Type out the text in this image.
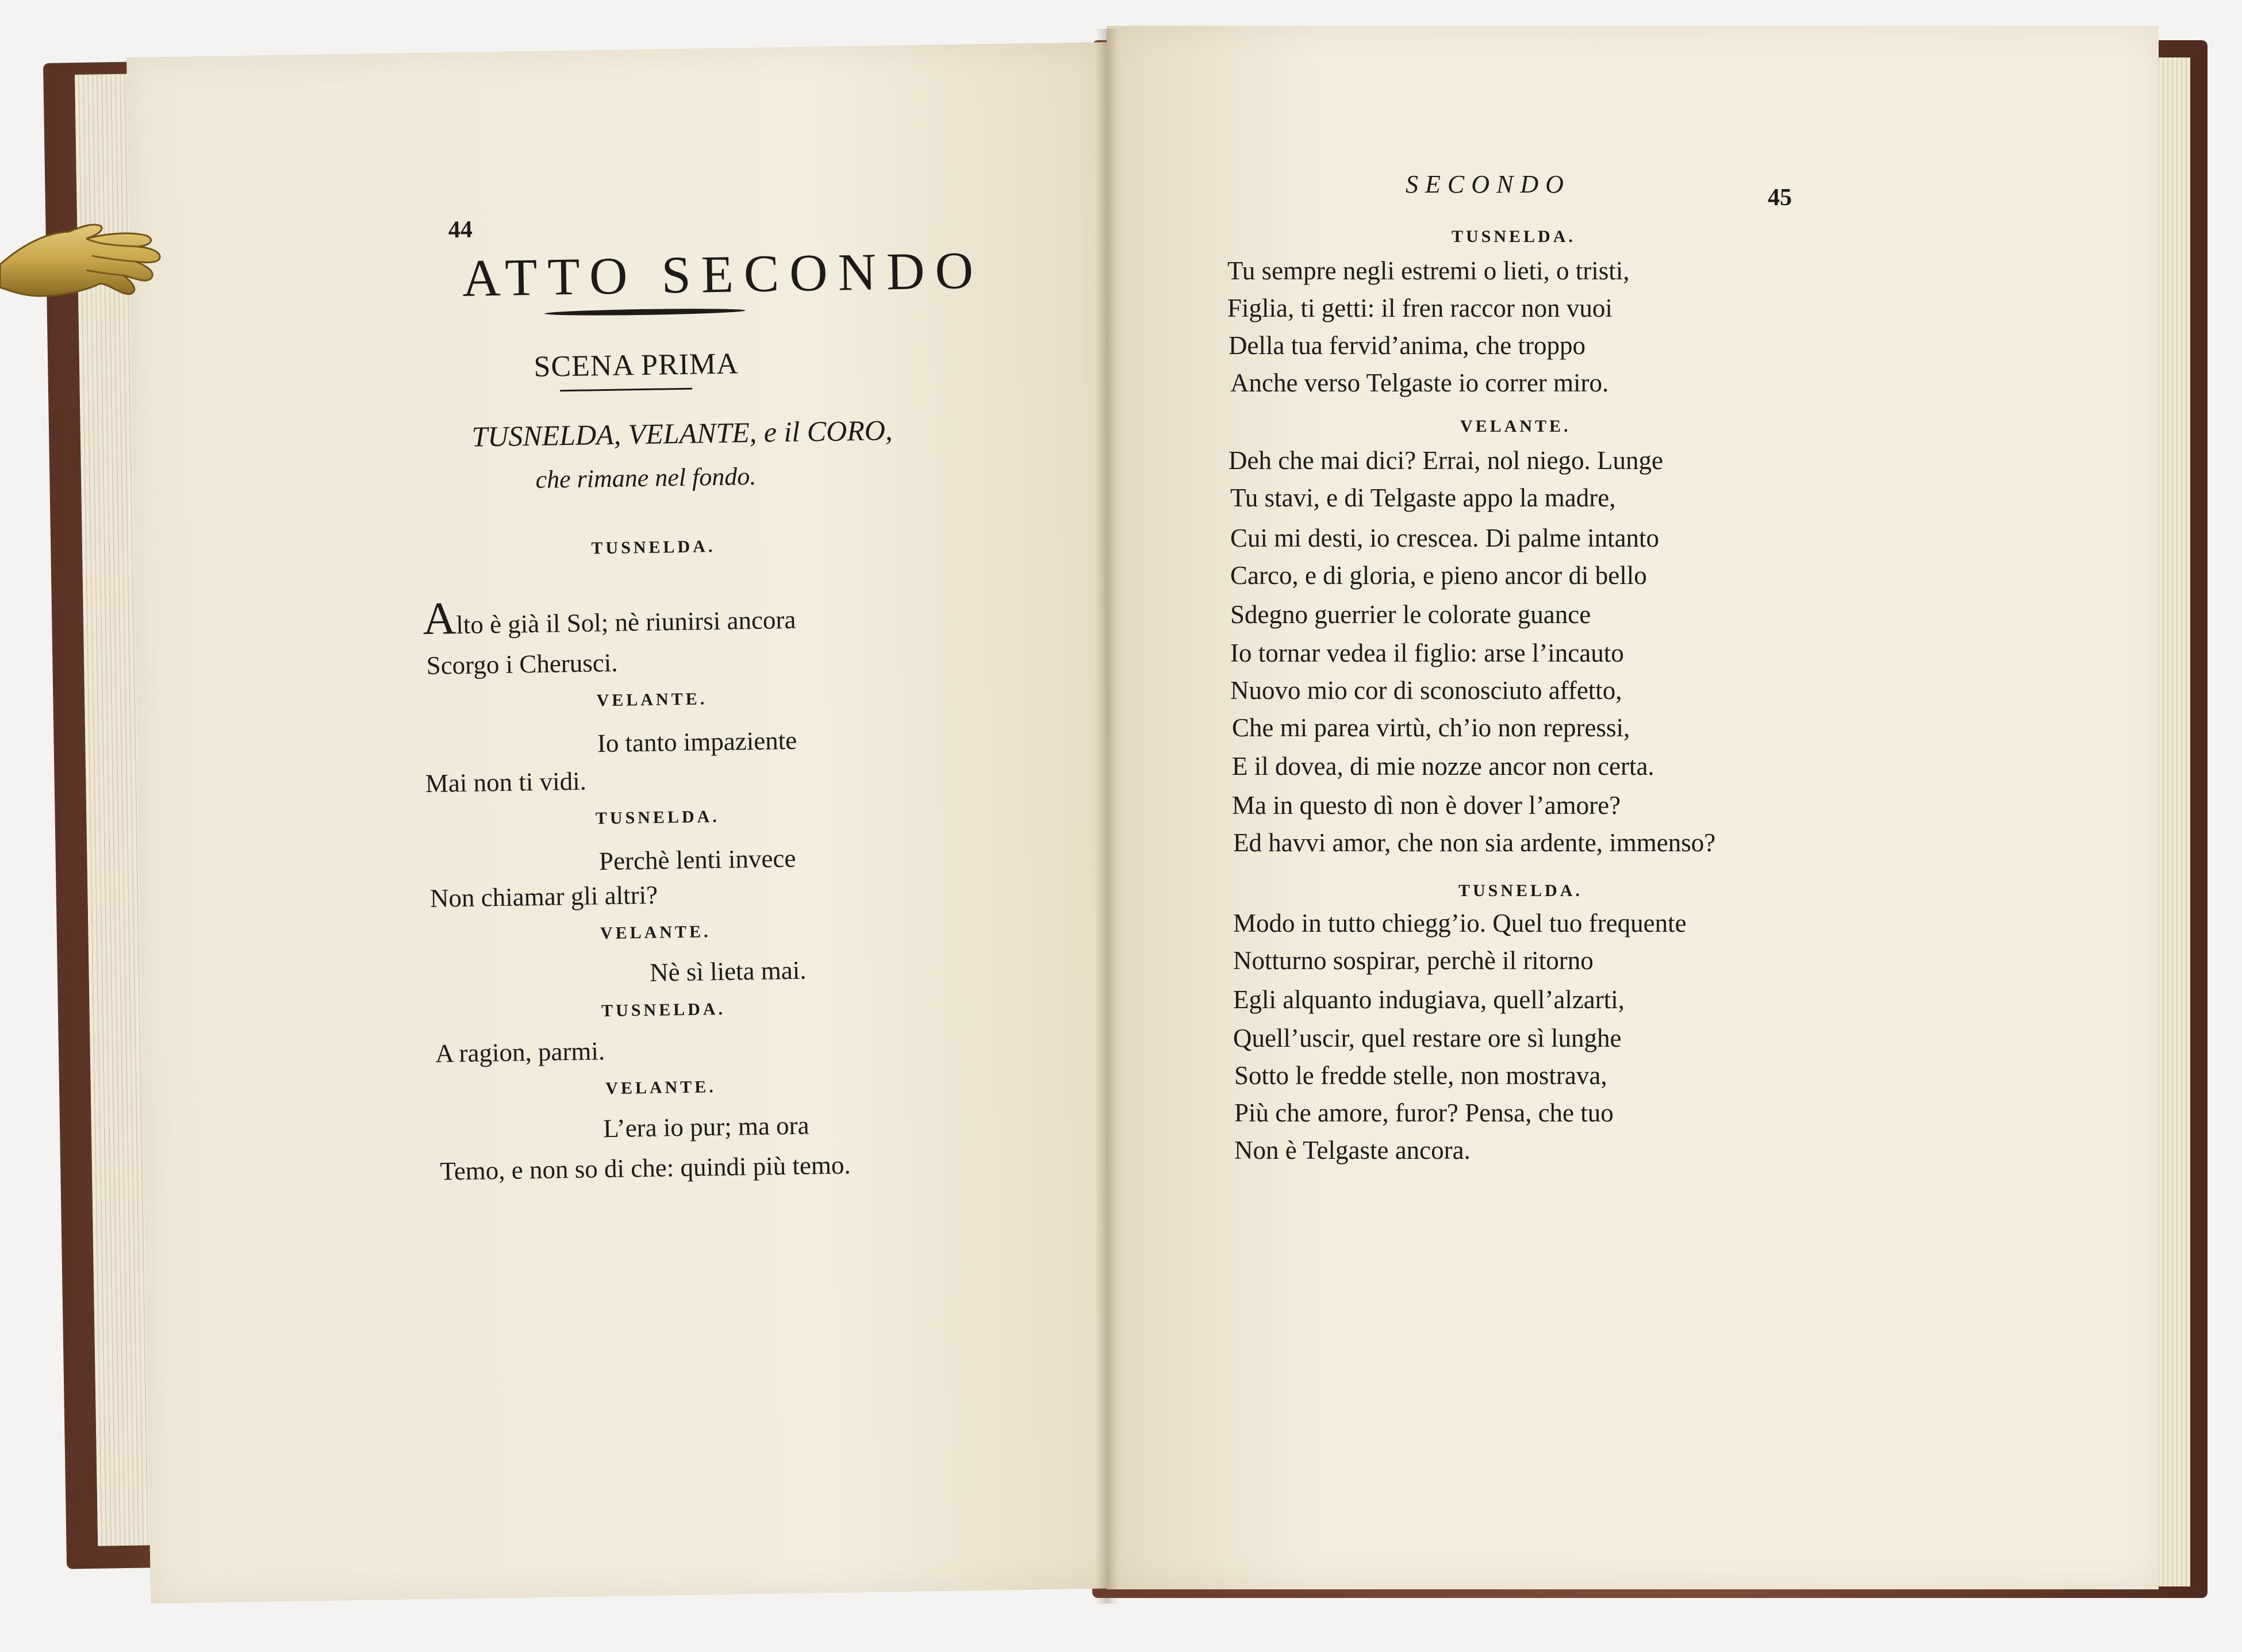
44
ATTO SECONDO
SCENA PRIMA
TUSNELDA, VELANTE, e il CORO,
che rimane nel fondo.
TUSNELDA.
Alto è già il Sol; nè riunirsi ancora
Scorgo i Cherusci.
VELANTE.
Io tanto impaziente
Mai non ti vidi.
TUSNELDA.
Perchè lenti invece
Non chiamar gli altri?
VELANTE.
Nè sì lieta mai.
TUSNELDA.
A ragion, parmi.
VELANTE.
L’era io pur; ma ora
Temo, e non so di che: quindi più temo.
SECONDO	45
TUSNELDA.
Tu sempre negli estremi o lieti, o tristi,
Figlia, ti getti: il fren raccor non vuoi
Della tua fervid’anima, che troppo
Anche verso Telgaste io correr miro.
VELANTE.
Deh che mai dici? Errai, nol niego. Lunge
Tu stavi, e di Telgaste appo la madre,
Cui mi desti, io crescea. Di palme intanto
Carco, e di gloria, e pieno ancor di bello
Sdegno guerrier le colorate guance
Io tornar vedea il figlio: arse l’incauto
Nuovo mio cor di sconosciuto affetto,
Che mi parea virtù, ch’io non repressi,
E il dovea, di mie nozze ancor non certa.
Ma in questo dì non è dover l’amore?
Ed havvi amor, che non sia ardente, immenso?
TUSNELDA.
Modo in tutto chiegg’io. Quel tuo frequente
Notturno sospirar, perchè il ritorno
Egli alquanto indugiava, quell’alzarti,
Quell’uscir, quel restare ore sì lunghe
Sotto le fredde stelle, non mostrava,
Più che amore, furor? Pensa, che tuo
Non è Telgaste ancora.
